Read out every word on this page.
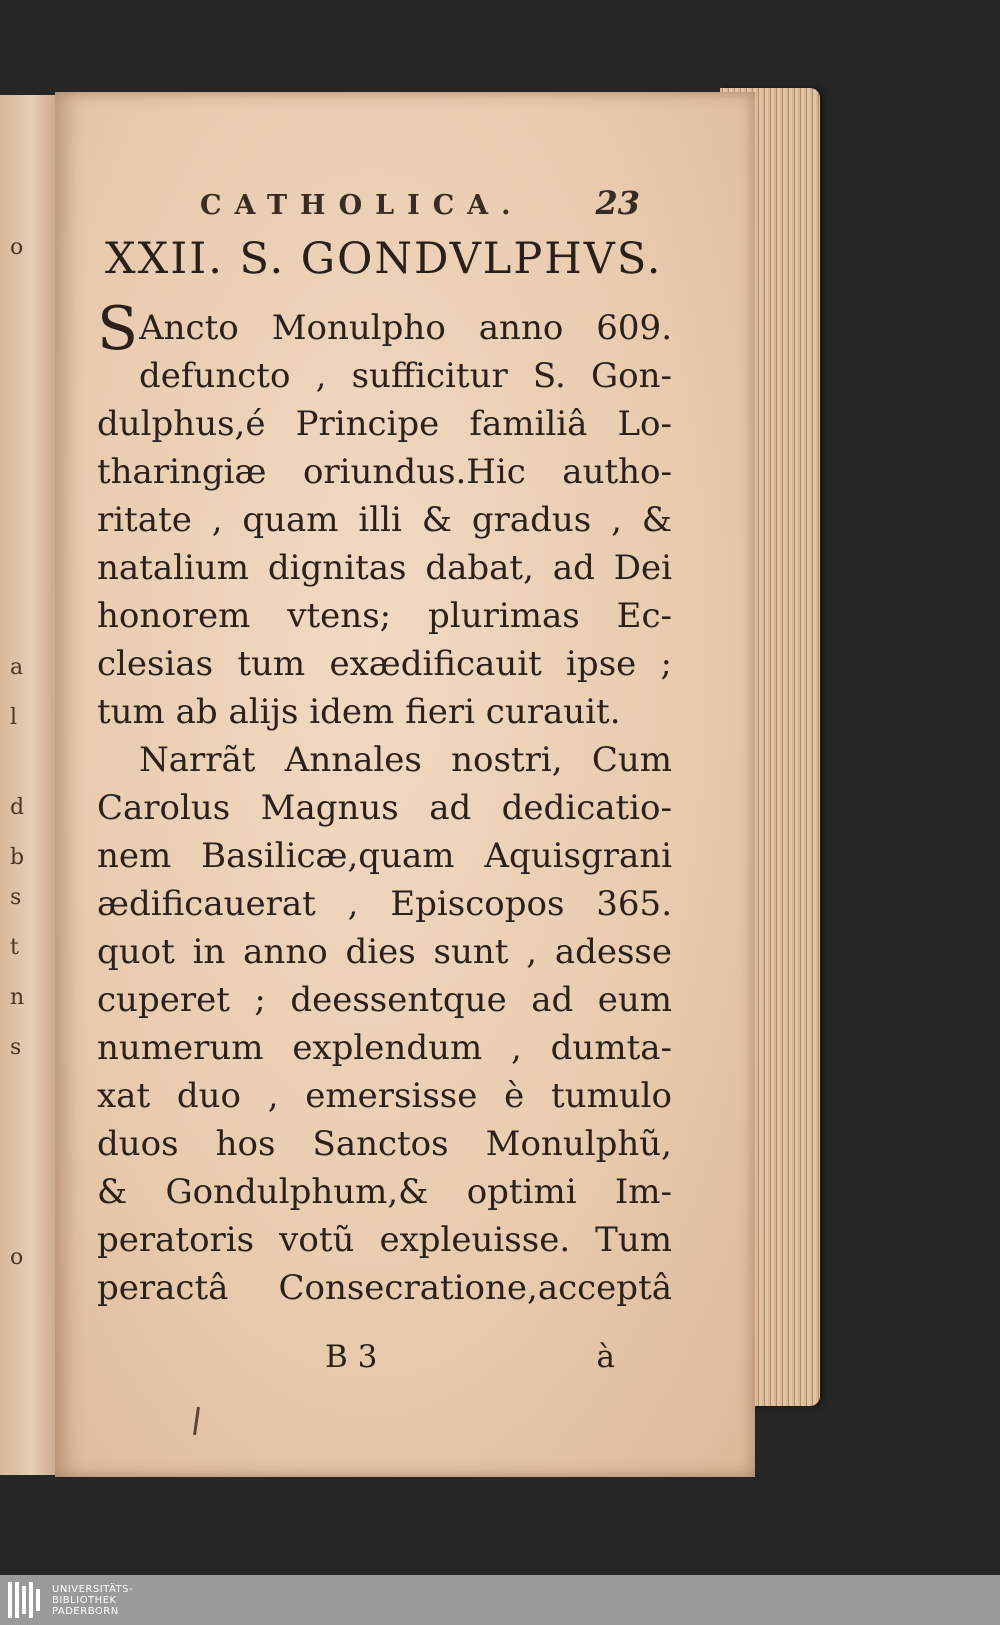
o
a
l
d
b
s
t
n
s
o
CATHOLICA. 23
XXII. S. GONDVLPHVS.
SAncto Monulpho anno 609.
defuncto , sufficitur S. Gon-
dulphus,é Principe familiâ Lo-
tharingiæ oriundus.Hic autho-
ritate , quam illi & gradus , &
natalium dignitas dabat, ad Dei
honorem vtens; plurimas Ec-
clesias tum exædificauit ipse ;
tum ab alijs idem fieri curauit.
Narrãt Annales nostri, Cum
Carolus Magnus ad dedicatio-
nem Basilicæ,quam Aquisgrani
ædificauerat , Episcopos 365.
quot in anno dies sunt , adesse
cuperet ; deessentque ad eum
numerum explendum , dumta-
xat duo , emersisse è tumulo
duos hos Sanctos Monulphũ,
& Gondulphum,& optimi Im-
peratoris votũ expleuisse. Tum
peractâ Consecratione,acceptâ
B 3	à
UNIVERSITÄTS-
BIBLIOTHEK
PADERBORN
